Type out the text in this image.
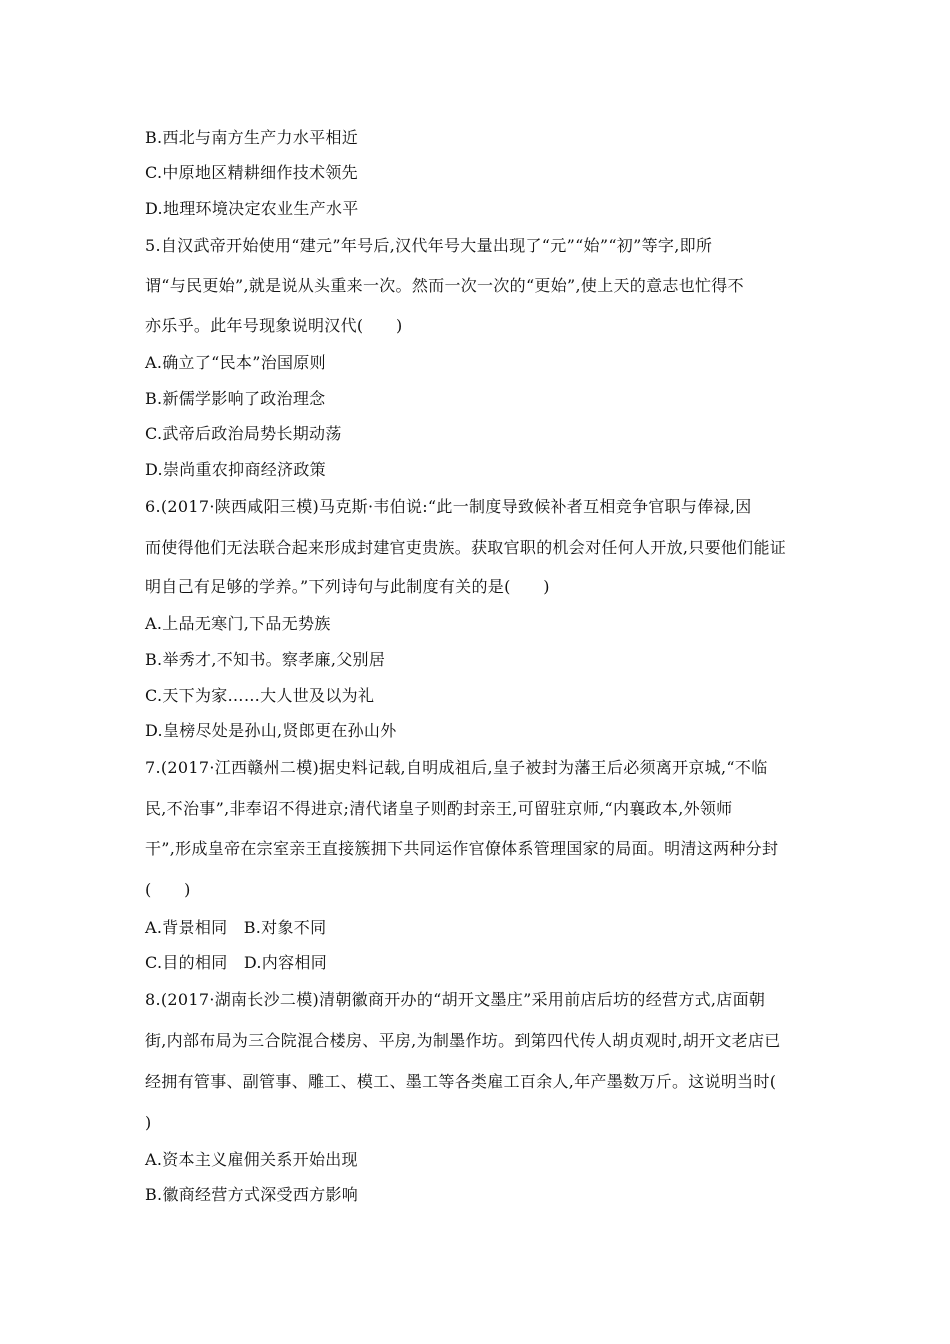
B.西北与南方生产力水平相近
C.中原地区精耕细作技术领先
D.地理环境决定农业生产水平
5.自汉武帝开始使用“建元”年号后,汉代年号大量出现了“元”“始”“初”等字,即所
谓“与民更始”,就是说从头重来一次。然而一次一次的“更始”,使上天的意志也忙得不
亦乐乎。此年号现象说明汉代(　　)
A.确立了“民本”治国原则
B.新儒学影响了政治理念
C.武帝后政治局势长期动荡
D.崇尚重农抑商经济政策
6.(2017·陕西咸阳三模)马克斯·韦伯说:“此一制度导致候补者互相竞争官职与俸禄,因
而使得他们无法联合起来形成封建官吏贵族。获取官职的机会对任何人开放,只要他们能证
明自己有足够的学养。”下列诗句与此制度有关的是(　　)
A.上品无寒门,下品无势族
B.举秀才,不知书。察孝廉,父别居
C.天下为家……大人世及以为礼
D.皇榜尽处是孙山,贤郎更在孙山外
7.(2017·江西赣州二模)据史料记载,自明成祖后,皇子被封为藩王后必须离开京城,“不临
民,不治事”,非奉诏不得进京;清代诸皇子则酌封亲王,可留驻京师,“内襄政本,外领师
干”,形成皇帝在宗室亲王直接簇拥下共同运作官僚体系管理国家的局面。明清这两种分封
(　　)
A.背景相同　B.对象不同
C.目的相同　D.内容相同
8.(2017·湖南长沙二模)清朝徽商开办的“胡开文墨庄”采用前店后坊的经营方式,店面朝
街,内部布局为三合院混合楼房、平房,为制墨作坊。到第四代传人胡贞观时,胡开文老店已
经拥有管事、副管事、雕工、模工、墨工等各类雇工百余人,年产墨数万斤。这说明当时(
)
A.资本主义雇佣关系开始出现
B.徽商经营方式深受西方影响
